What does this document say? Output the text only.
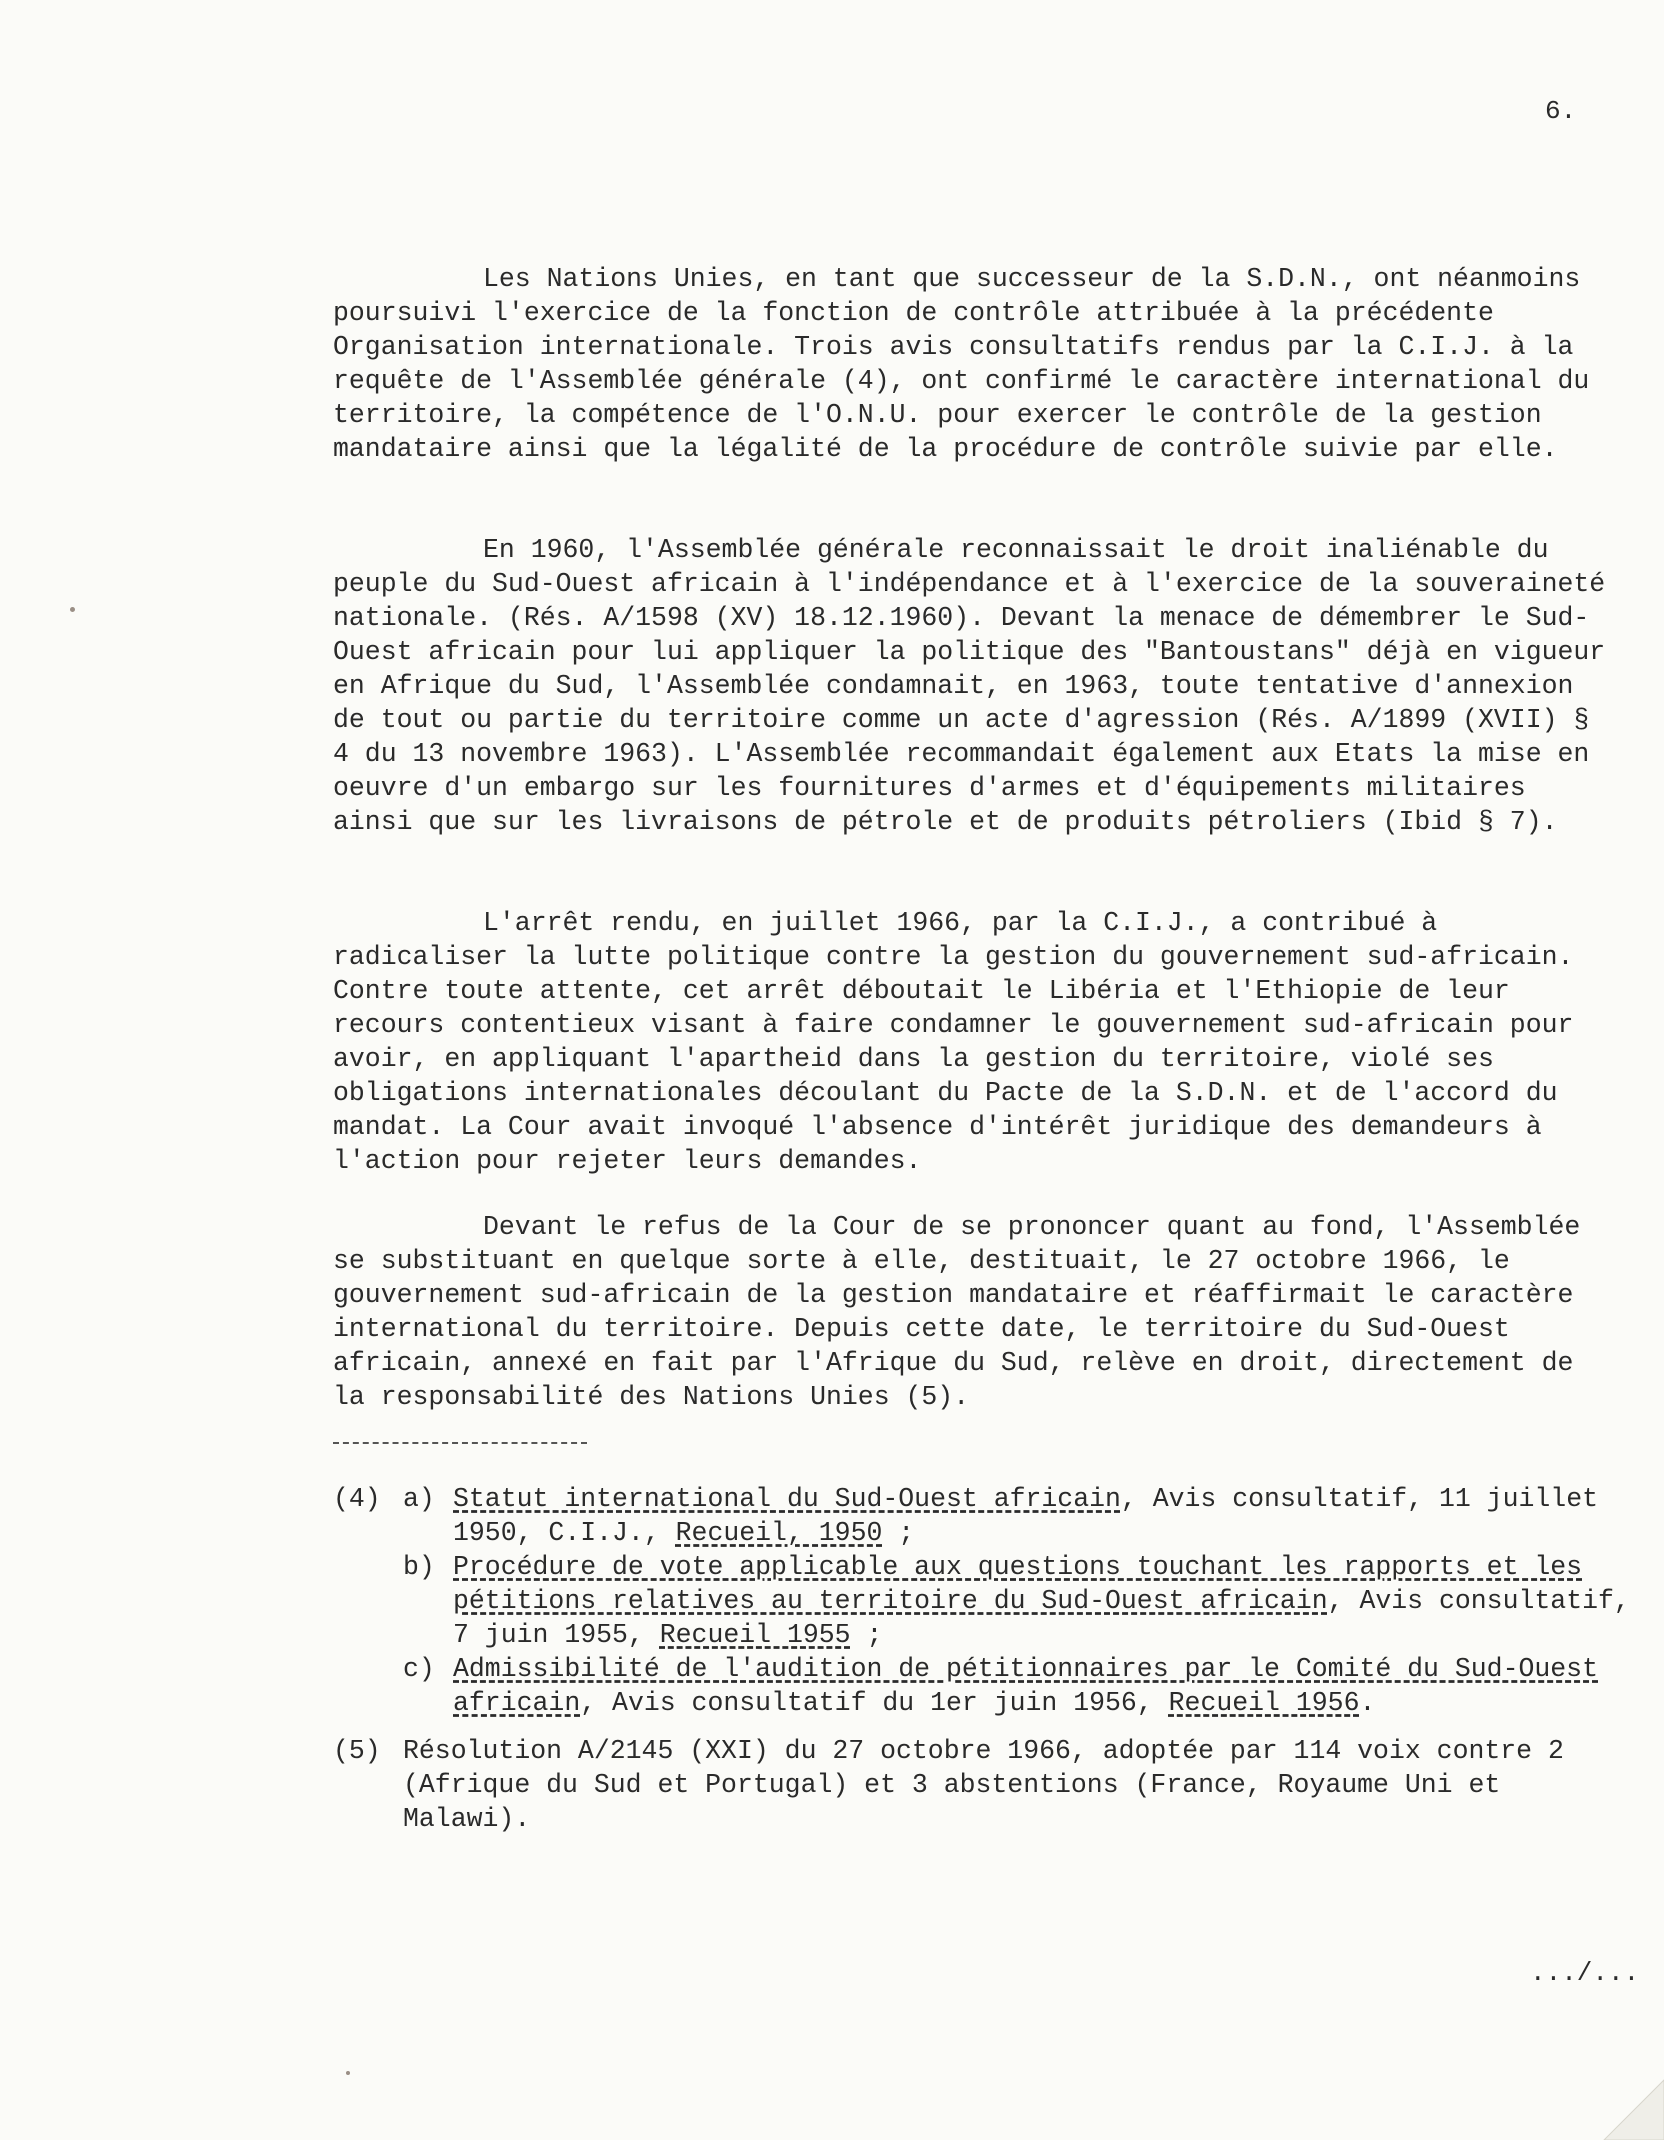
6.

Les Nations Unies, en tant que successeur de la S.D.N., ont néanmoins poursuivi l'exercice de la fonction de contrôle attribuée à la précédente Organisation internationale. Trois avis consultatifs rendus par la C.I.J. à la requête de l'Assemblée générale (4), ont confirmé le caractère international du territoire, la compétence de l'O.N.U. pour exercer le contrôle de la gestion mandataire ainsi que la légalité de la procédure de contrôle suivie par elle.

En 1960, l'Assemblée générale reconnaissait le droit inaliénable du peuple du Sud-Ouest africain à l'indépendance et à l'exercice de la souveraineté nationale. (Rés. A/1598 (XV) 18.12.1960). Devant la menace de démembrer le Sud-Ouest africain pour lui appliquer la politique des "Bantoustans" déjà en vigueur en Afrique du Sud, l'Assemblée condamnait, en 1963, toute tentative d'annexion de tout ou partie du territoire comme un acte d'agression (Rés. A/1899 (XVII) § 4 du 13 novembre 1963). L'Assemblée recommandait également aux Etats la mise en oeuvre d'un embargo sur les fournitures d'armes et d'équipements militaires ainsi que sur les livraisons de pétrole et de produits pétroliers (Ibid § 7).

L'arrêt rendu, en juillet 1966, par la C.I.J., a contribué à radicaliser la lutte politique contre la gestion du gouvernement sud-africain. Contre toute attente, cet arrêt déboutait le Libéria et l'Ethiopie de leur recours contentieux visant à faire condamner le gouvernement sud-africain pour avoir, en appliquant l'apartheid dans la gestion du territoire, violé ses obligations internationales découlant du Pacte de la S.D.N. et de l'accord du mandat. La Cour avait invoqué l'absence d'intérêt juridique des demandeurs à l'action pour rejeter leurs demandes.

Devant le refus de la Cour de se prononcer quant au fond, l'Assemblée se substituant en quelque sorte à elle, destituait, le 27 octobre 1966, le gouvernement sud-africain de la gestion mandataire et réaffirmait le caractère international du territoire. Depuis cette date, le territoire du Sud-Ouest africain, annexé en fait par l'Afrique du Sud, relève en droit, directement de la responsabilité des Nations Unies (5).

(4) a) Statut international du Sud-Ouest africain, Avis consultatif, 11 juillet 1950, C.I.J., Recueil, 1950 ;
b) Procédure de vote applicable aux questions touchant les rapports et les pétitions relatives au territoire du Sud-Ouest africain, Avis consultatif, 7 juin 1955, Recueil 1955 ;
c) Admissibilité de l'audition de pétitionnaires par le Comité du Sud-Ouest africain, Avis consultatif du 1er juin 1956, Recueil 1956.
(5) Résolution A/2145 (XXI) du 27 octobre 1966, adoptée par 114 voix contre 2 (Afrique du Sud et Portugal) et 3 abstentions (France, Royaume Uni et Malawi).
.../...
